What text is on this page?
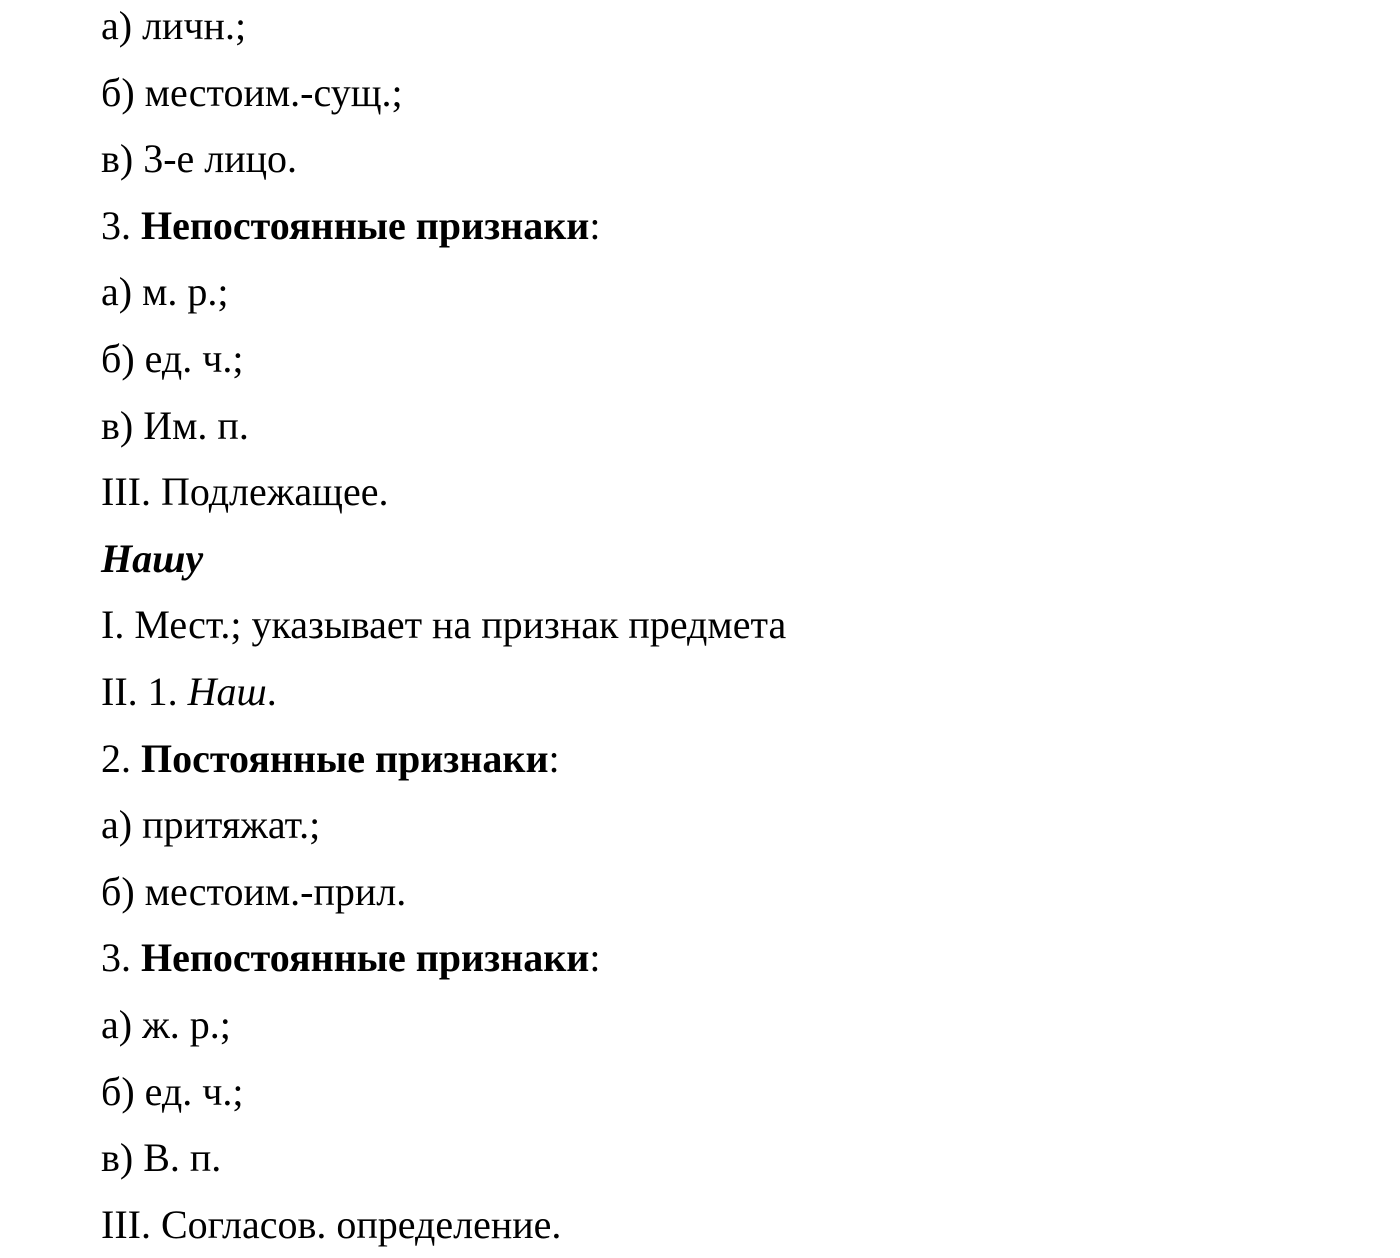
а) личн.;

б) местоим.-сущ.;

в) 3-е лицо.

3. Непостоянные признаки:

а) м. р.;

б) ед. ч.;

в) Им. п.

III. Подлежащее.

Нашу

I. Мест.; указывает на признак предмета

II. 1. Наш.

2. Постоянные признаки:

а) притяжат.;

б) местоим.-прил.

3. Непостоянные признаки:

а) ж. р.;

б) ед. ч.;

в) В. п.

III. Согласов. определение.
